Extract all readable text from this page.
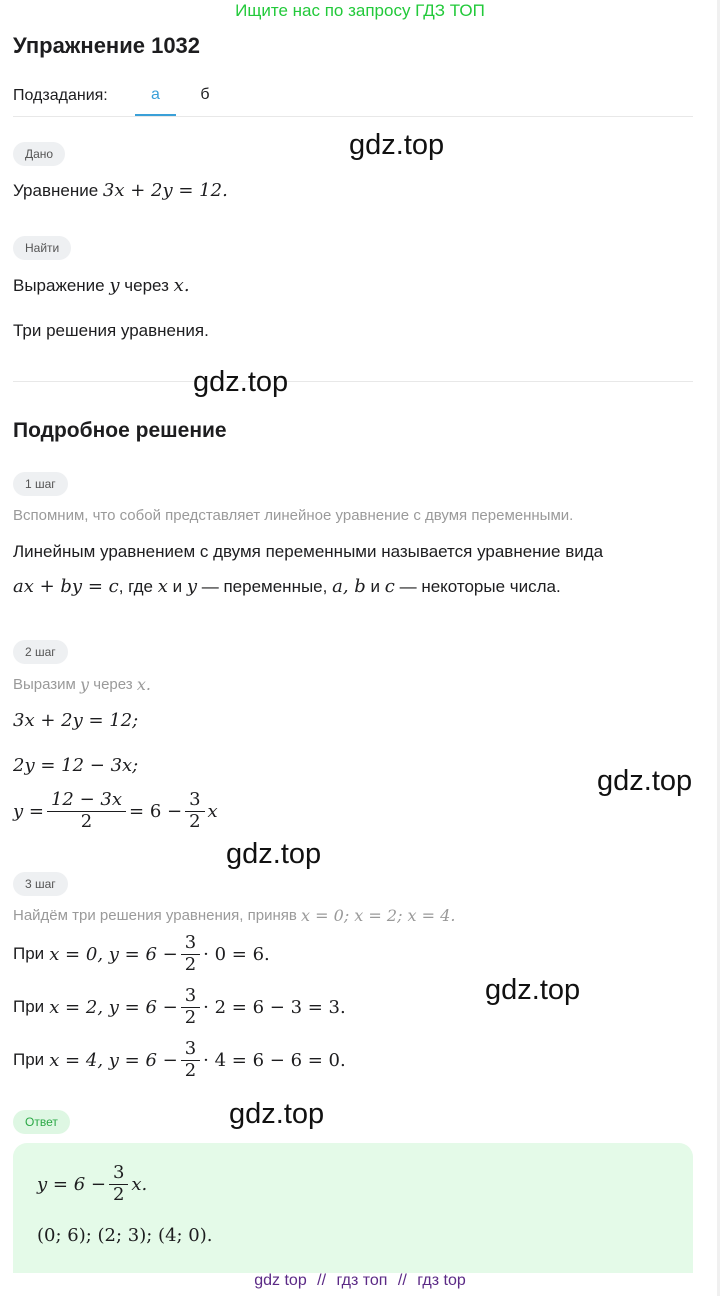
Ищите нас по запросу ГДЗ ТОП
Упражнение 1032
Подзадания:	а	б
Дано
Уравнение
3x + 2y = 12.
Найти
Выражение
y
через
x.
Три решения уравнения.
Подробное решение
1 шаг
Вспомним, что собой представляет линейное уравнение с двумя переменными.
Линейным уравнением с двумя переменными называется уравнение вида
ax + by = c , где
x
и
y
— переменные,
a, b
и
c
— некоторые числа.
2 шаг
Выразим
y
через
x.
3x + 2y = 12;
2y = 12 − 3x;
$y = \frac{12 - 3x}{2} = 6 - \frac{3}{2}$ x
3 шаг
Найдём три решения уравнения, приняв
x = 0; x = 2; x = 4.
При
x = 0, $y = 6 - \frac{3}{2} \cdot 0 = 6$.
При
x = 2, $y = 6 - \frac{3}{2} \cdot 2 = 6 - 3 = 3$.
При
x = 4, $y = 6 - \frac{3}{2} \cdot 4 = 6 - 6 = 0$.
Ответ
$y = 6 - \frac{3}{2} x$.
(0; 6); (2; 3); (4; 0).
gdz.top
gdz.top
gdz.top
gdz.top
gdz.top
gdz.top
gdz top // гдз топ // гдз top
